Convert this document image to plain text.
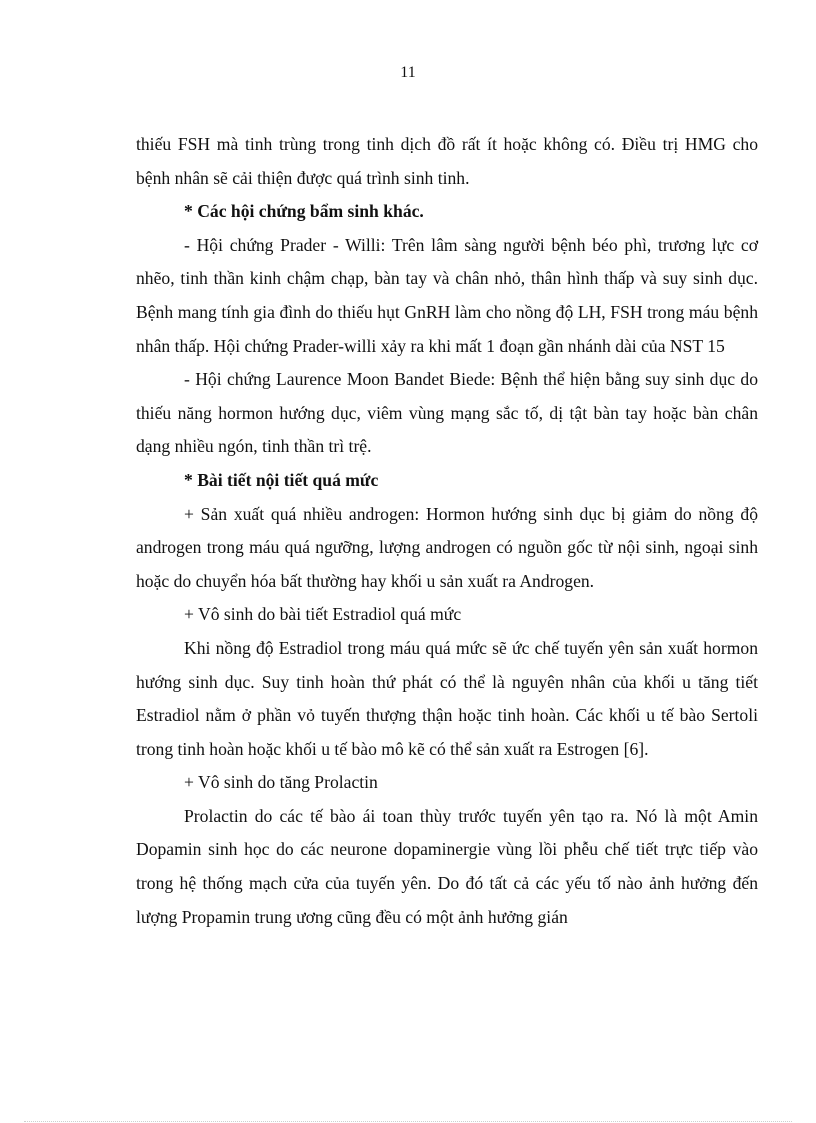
11

thiếu FSH mà tinh trùng trong tinh dịch đồ rất ít hoặc không có. Điều trị HMG cho bệnh nhân sẽ cải thiện được quá trình sinh tinh.

* Các hội chứng bẩm sinh khác.

- Hội chứng Prader - Willi: Trên lâm sàng người bệnh béo phì, trương lực cơ nhẽo, tinh thần kinh chậm chạp, bàn tay và chân nhỏ, thân hình thấp và suy sinh dục. Bệnh mang tính gia đình do thiếu hụt GnRH làm cho nồng độ LH, FSH trong máu bệnh nhân thấp. Hội chứng Prader-willi xảy ra khi mất 1 đoạn gần nhánh dài của NST 15

- Hội chứng Laurence Moon Bandet Biede: Bệnh thể hiện bằng suy sinh dục do thiếu năng hormon hướng dục, viêm vùng mạng sắc tố, dị tật bàn tay hoặc bàn chân dạng nhiều ngón, tinh thần trì trệ.

* Bài tiết nội tiết quá mức

+ Sản xuất quá nhiều androgen: Hormon hướng sinh dục bị giảm do nồng độ androgen trong máu quá ngưỡng, lượng androgen có nguồn gốc từ nội sinh, ngoại sinh hoặc do chuyển hóa bất thường hay khối u sản xuất ra Androgen.

+ Vô sinh do bài tiết Estradiol quá mức

Khi nồng độ Estradiol trong máu quá mức sẽ ức chế tuyến yên sản xuất hormon hướng sinh dục. Suy tinh hoàn thứ phát có thể là nguyên nhân của khối u tăng tiết Estradiol nằm ở phần vỏ tuyến thượng thận hoặc tinh hoàn. Các khối u tế bào Sertoli trong tinh hoàn hoặc khối u tế bào mô kẽ có thể sản xuất ra Estrogen [6].

+ Vô sinh do tăng Prolactin

Prolactin do các tế bào ái toan thùy trước tuyến yên tạo ra. Nó là một Amin Dopamin sinh học do các neurone dopaminergie vùng lồi phễu chế tiết trực tiếp vào trong hệ thống mạch cửa của tuyến yên. Do đó tất cả các yếu tố nào ảnh hưởng đến lượng Propamin trung ương cũng đều có một ảnh hưởng gián
